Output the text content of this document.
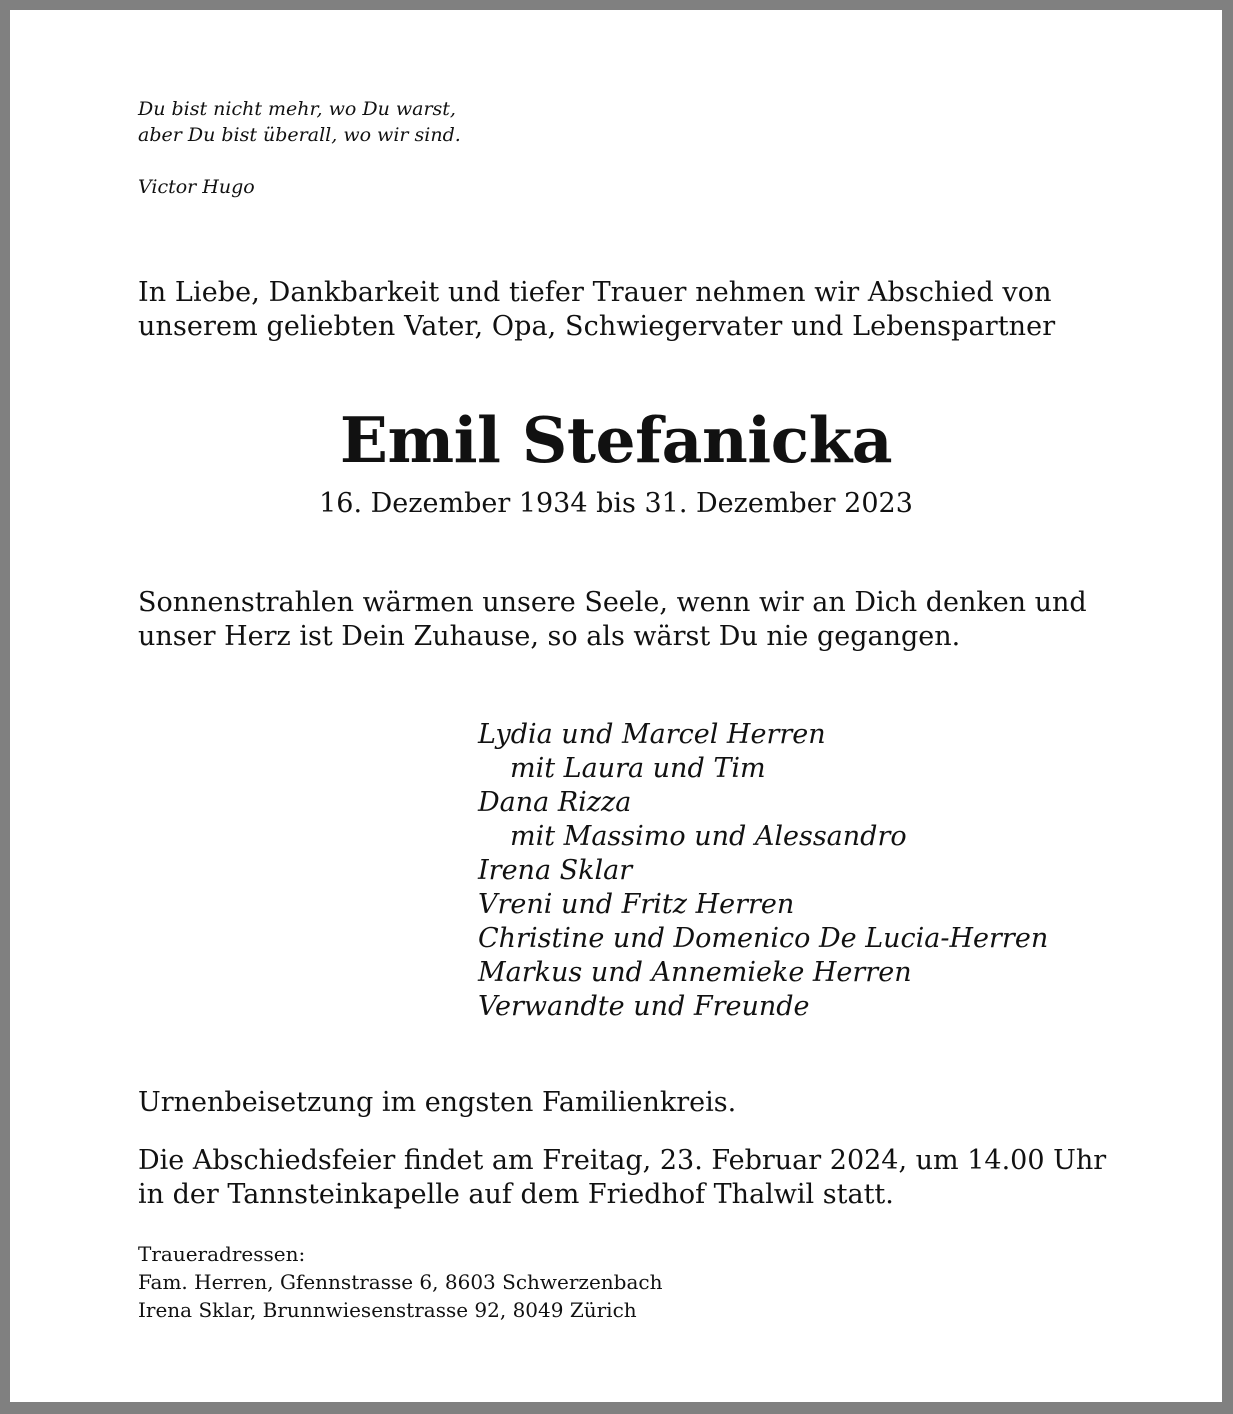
Du bist nicht mehr, wo Du warst,
aber Du bist überall, wo wir sind.
Victor Hugo
In Liebe, Dankbarkeit und tiefer Trauer nehmen wir Abschied von
unserem geliebten Vater, Opa, Schwiegervater und Lebenspartner
Emil Stefanicka
16. Dezember 1934 bis 31. Dezember 2023
Sonnenstrahlen wärmen unsere Seele, wenn wir an Dich denken und
unser Herz ist Dein Zuhause, so als wärst Du nie gegangen.
Lydia und Marcel Herren
mit Laura und Tim
Dana Rizza
mit Massimo und Alessandro
Irena Sklar
Vreni und Fritz Herren
Christine und Domenico De Lucia-Herren
Markus und Annemieke Herren
Verwandte und Freunde
Urnenbeisetzung im engsten Familienkreis.
Die Abschiedsfeier findet am Freitag, 23. Februar 2024, um 14.00 Uhr
in der Tannsteinkapelle auf dem Friedhof Thalwil statt.
Traueradressen:
Fam. Herren, Gfennstrasse 6, 8603 Schwerzenbach
Irena Sklar, Brunnwiesenstrasse 92, 8049 Zürich
